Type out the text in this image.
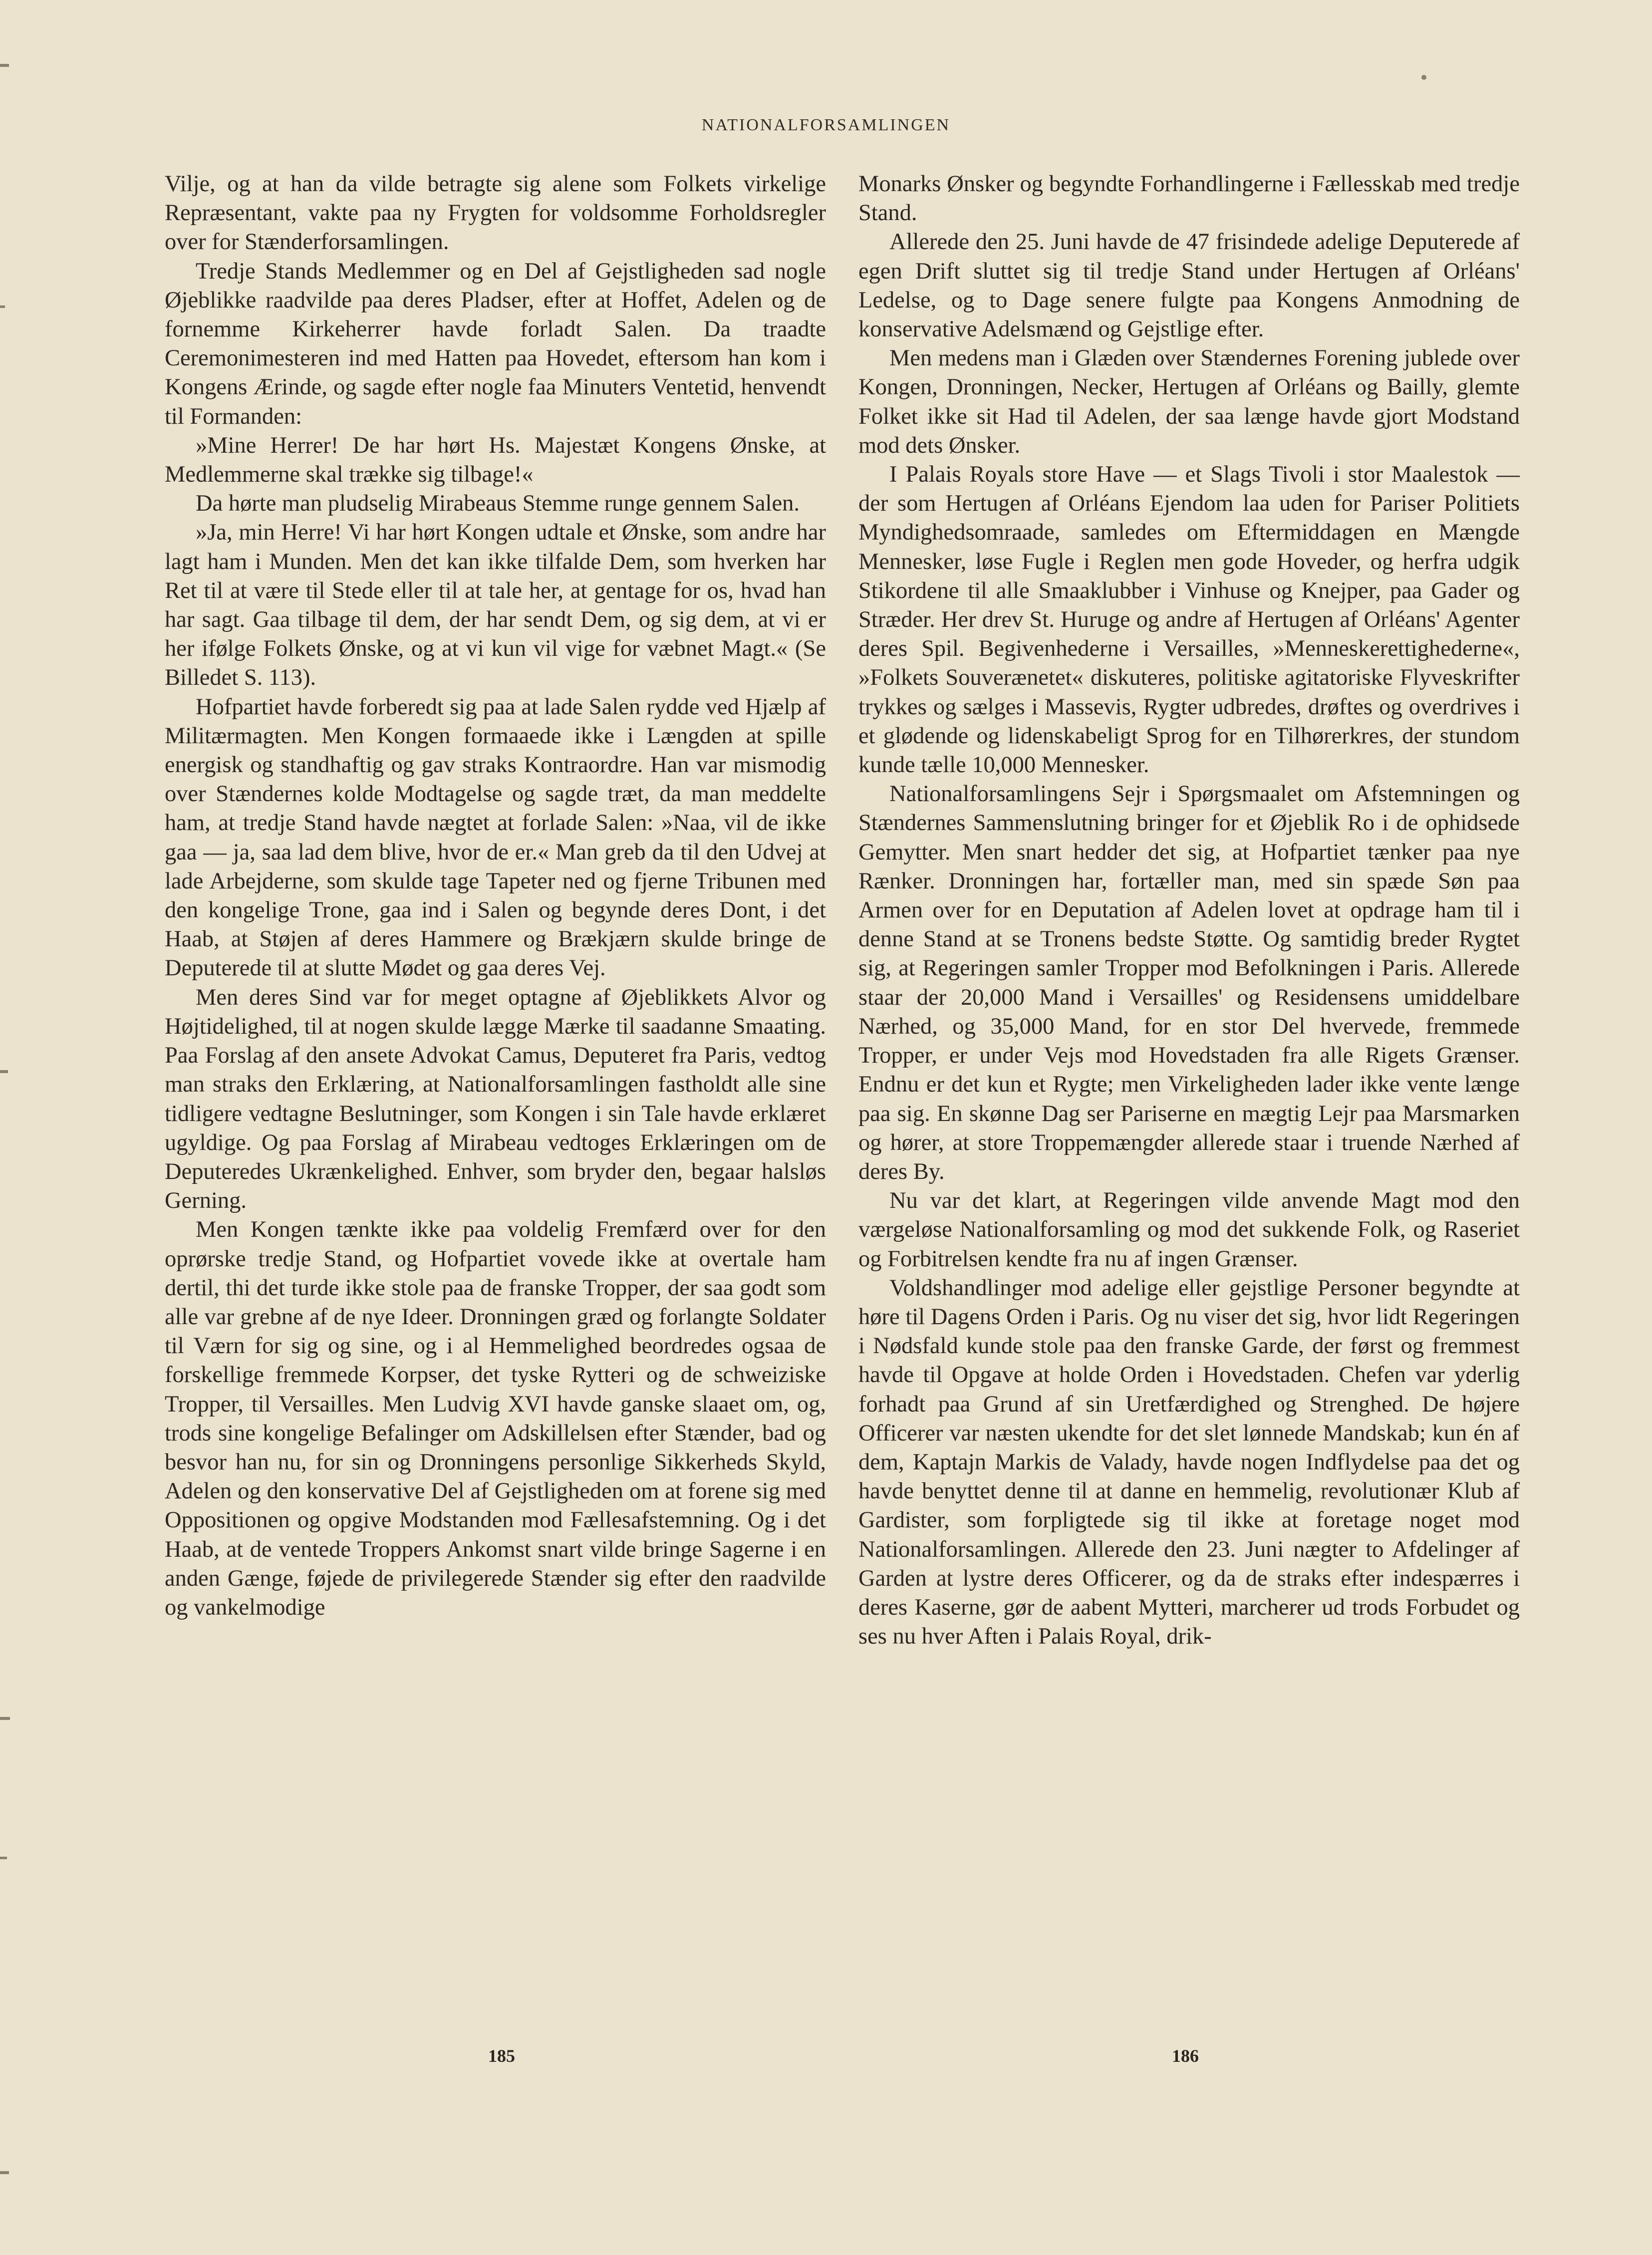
NATIONALFORSAMLINGEN

Vilje, og at han da vilde betragte sig alene som Folkets virkelige Repræsentant, vakte paa ny Frygten for voldsomme Forholdsregler over for Stænderforsamlingen.

Tredje Stands Medlemmer og en Del af Gejstligheden sad nogle Øjeblikke raadvilde paa deres Pladser, efter at Hoffet, Adelen og de fornemme Kirkeherrer havde forladt Salen. Da traadte Ceremonimesteren ind med Hatten paa Hovedet, eftersom han kom i Kongens Ærinde, og sagde efter nogle faa Minuters Ventetid, henvendt til Formanden:

»Mine Herrer! De har hørt Hs. Majestæt Kongens Ønske, at Medlemmerne skal trække sig tilbage!«

Da hørte man pludselig Mirabeaus Stemme runge gennem Salen.

»Ja, min Herre! Vi har hørt Kongen udtale et Ønske, som andre har lagt ham i Munden. Men det kan ikke tilfalde Dem, som hverken har Ret til at være til Stede eller til at tale her, at gentage for os, hvad han har sagt. Gaa tilbage til dem, der har sendt Dem, og sig dem, at vi er her ifølge Folkets Ønske, og at vi kun vil vige for væbnet Magt.« (Se Billedet S. 113).

Hofpartiet havde forberedt sig paa at lade Salen rydde ved Hjælp af Militærmagten. Men Kongen formaaede ikke i Længden at spille energisk og standhaftig og gav straks Kontraordre. Han var mismodig over Stændernes kolde Modtagelse og sagde træt, da man meddelte ham, at tredje Stand havde nægtet at forlade Salen: »Naa, vil de ikke gaa — ja, saa lad dem blive, hvor de er.« Man greb da til den Udvej at lade Arbejderne, som skulde tage Tapeter ned og fjerne Tribunen med den kongelige Trone, gaa ind i Salen og begynde deres Dont, i det Haab, at Støjen af deres Hammere og Brækjærn skulde bringe de Deputerede til at slutte Mødet og gaa deres Vej.

Men deres Sind var for meget optagne af Øjeblikkets Alvor og Højtidelighed, til at nogen skulde lægge Mærke til saadanne Smaating. Paa Forslag af den ansete Advokat Camus, Deputeret fra Paris, vedtog man straks den Erklæring, at Nationalforsamlingen fastholdt alle sine tidligere vedtagne Beslutninger, som Kongen i sin Tale havde erklæret ugyldige. Og paa Forslag af Mirabeau vedtoges Erklæringen om de Deputeredes Ukrænkelighed. Enhver, som bryder den, begaar halsløs Gerning.

Men Kongen tænkte ikke paa voldelig Fremfærd over for den oprørske tredje Stand, og Hofpartiet vovede ikke at overtale ham dertil, thi det turde ikke stole paa de franske Tropper, der saa godt som alle var grebne af de nye Ideer. Dronningen græd og forlangte Soldater til Værn for sig og sine, og i al Hemmelighed beordredes ogsaa de forskellige fremmede Korpser, det tyske Rytteri og de schweiziske Tropper, til Versailles. Men Ludvig XVI havde ganske slaaet om, og, trods sine kongelige Befalinger om Adskillelsen efter Stænder, bad og besvor han nu, for sin og Dronningens personlige Sikkerheds Skyld, Adelen og den konservative Del af Gejstligheden om at forene sig med Oppositionen og opgive Modstanden mod Fællesafstemning. Og i det Haab, at de ventede Troppers Ankomst snart vilde bringe Sagerne i en anden Gænge, føjede de privilegerede Stænder sig efter den raadvilde og vankelmodige

Monarks Ønsker og begyndte Forhandlingerne i Fællesskab med tredje Stand.

Allerede den 25. Juni havde de 47 frisindede adelige Deputerede af egen Drift sluttet sig til tredje Stand under Hertugen af Orléans' Ledelse, og to Dage senere fulgte paa Kongens Anmodning de konservative Adelsmænd og Gejstlige efter.

Men medens man i Glæden over Stændernes Forening jublede over Kongen, Dronningen, Necker, Hertugen af Orléans og Bailly, glemte Folket ikke sit Had til Adelen, der saa længe havde gjort Modstand mod dets Ønsker.

I Palais Royals store Have — et Slags Tivoli i stor Maalestok — der som Hertugen af Orléans Ejendom laa uden for Pariser Politiets Myndighedsomraade, samledes om Eftermiddagen en Mængde Mennesker, løse Fugle i Reglen men gode Hoveder, og herfra udgik Stikordene til alle Smaaklubber i Vinhuse og Knejper, paa Gader og Stræder. Her drev St. Huruge og andre af Hertugen af Orléans' Agenter deres Spil. Begivenhederne i Versailles, »Menneskerettighederne«, »Folkets Souverænetet« diskuteres, politiske agitatoriske Flyveskrifter trykkes og sælges i Massevis, Rygter udbredes, drøftes og overdrives i et glødende og lidenskabeligt Sprog for en Tilhørerkres, der stundom kunde tælle 10,000 Mennesker.

Nationalforsamlingens Sejr i Spørgsmaalet om Afstemningen og Stændernes Sammenslutning bringer for et Øjeblik Ro i de ophidsede Gemytter. Men snart hedder det sig, at Hofpartiet tænker paa nye Rænker. Dronningen har, fortæller man, med sin spæde Søn paa Armen over for en Deputation af Adelen lovet at opdrage ham til i denne Stand at se Tronens bedste Støtte. Og samtidig breder Rygtet sig, at Regeringen samler Tropper mod Befolkningen i Paris. Allerede staar der 20,000 Mand i Versailles' og Residensens umiddelbare Nærhed, og 35,000 Mand, for en stor Del hvervede, fremmede Tropper, er under Vejs mod Hovedstaden fra alle Rigets Grænser. Endnu er det kun et Rygte; men Virkeligheden lader ikke vente længe paa sig. En skønne Dag ser Pariserne en mægtig Lejr paa Marsmarken og hører, at store Troppemængder allerede staar i truende Nærhed af deres By.

Nu var det klart, at Regeringen vilde anvende Magt mod den værgeløse Nationalforsamling og mod det sukkende Folk, og Raseriet og Forbitrelsen kendte fra nu af ingen Grænser.

Voldshandlinger mod adelige eller gejstlige Personer begyndte at høre til Dagens Orden i Paris. Og nu viser det sig, hvor lidt Regeringen i Nødsfald kunde stole paa den franske Garde, der først og fremmest havde til Opgave at holde Orden i Hovedstaden. Chefen var yderlig forhadt paa Grund af sin Uretfærdighed og Strenghed. De højere Officerer var næsten ukendte for det slet lønnede Mandskab; kun én af dem, Kaptajn Markis de Valady, havde nogen Indflydelse paa det og havde benyttet denne til at danne en hemmelig, revolutionær Klub af Gardister, som forpligtede sig til ikke at foretage noget mod Nationalforsamlingen. Allerede den 23. Juni nægter to Afdelinger af Garden at lystre deres Officerer, og da de straks efter indespærres i deres Kaserne, gør de aabent Mytteri, marcherer ud trods Forbudet og ses nu hver Aften i Palais Royal, drik-

185	186
